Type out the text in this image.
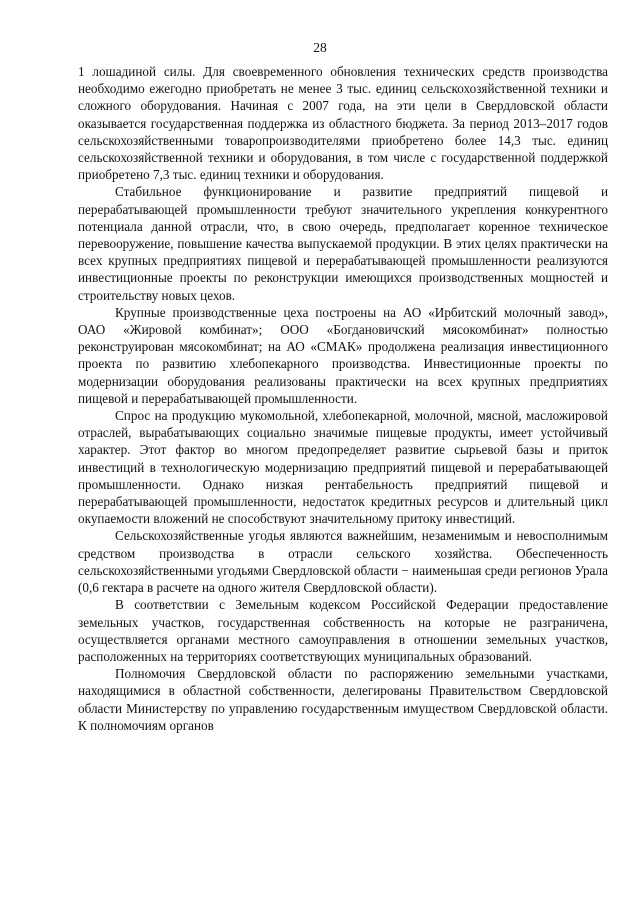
28

1 лошадиной силы. Для своевременного обновления технических средств производства необходимо ежегодно приобретать не менее 3 тыс. единиц сельскохозяйственной техники и сложного оборудования. Начиная с 2007 года, на эти цели в Свердловской области оказывается государственная поддержка из областного бюджета. За период 2013–2017 годов сельскохозяйственными товаропроизводителями приобретено более 14,3 тыс. единиц сельскохозяйственной техники и оборудования, в том числе с государственной поддержкой приобретено 7,3 тыс. единиц техники и оборудования.

Стабильное функционирование и развитие предприятий пищевой и перерабатывающей промышленности требуют значительного укрепления конкурентного потенциала данной отрасли, что, в свою очередь, предполагает коренное техническое перевооружение, повышение качества выпускаемой продукции. В этих целях практически на всех крупных предприятиях пищевой и перерабатывающей промышленности реализуются инвестиционные проекты по реконструкции имеющихся производственных мощностей и строительству новых цехов.

Крупные производственные цеха построены на АО «Ирбитский молочный завод», ОАО «Жировой комбинат»; ООО «Богдановичский мясокомбинат» полностью реконструирован мясокомбинат; на АО «СМАК» продолжена реализация инвестиционного проекта по развитию хлебопекарного производства. Инвестиционные проекты по модернизации оборудования реализованы практически на всех крупных предприятиях пищевой и перерабатывающей промышленности.

Спрос на продукцию мукомольной, хлебопекарной, молочной, мясной, масложировой отраслей, вырабатывающих социально значимые пищевые продукты, имеет устойчивый характер. Этот фактор во многом предопределяет развитие сырьевой базы и приток инвестиций в технологическую модернизацию предприятий пищевой и перерабатывающей промышленности. Однако низкая рентабельность предприятий пищевой и перерабатывающей промышленности, недостаток кредитных ресурсов и длительный цикл окупаемости вложений не способствуют значительному притоку инвестиций.

Сельскохозяйственные угодья являются важнейшим, незаменимым и невосполнимым средством производства в отрасли сельского хозяйства. Обеспеченность сельскохозяйственными угодьями Свердловской области − наименьшая среди регионов Урала (0,6 гектара в расчете на одного жителя Свердловской области).

В соответствии с Земельным кодексом Российской Федерации предоставление земельных участков, государственная собственность на которые не разграничена, осуществляется органами местного самоуправления в отношении земельных участков, расположенных на территориях соответствующих муниципальных образований.

Полномочия Свердловской области по распоряжению земельными участками, находящимися в областной собственности, делегированы Правительством Свердловской области Министерству по управлению государственным имуществом Свердловской области. К полномочиям органов
